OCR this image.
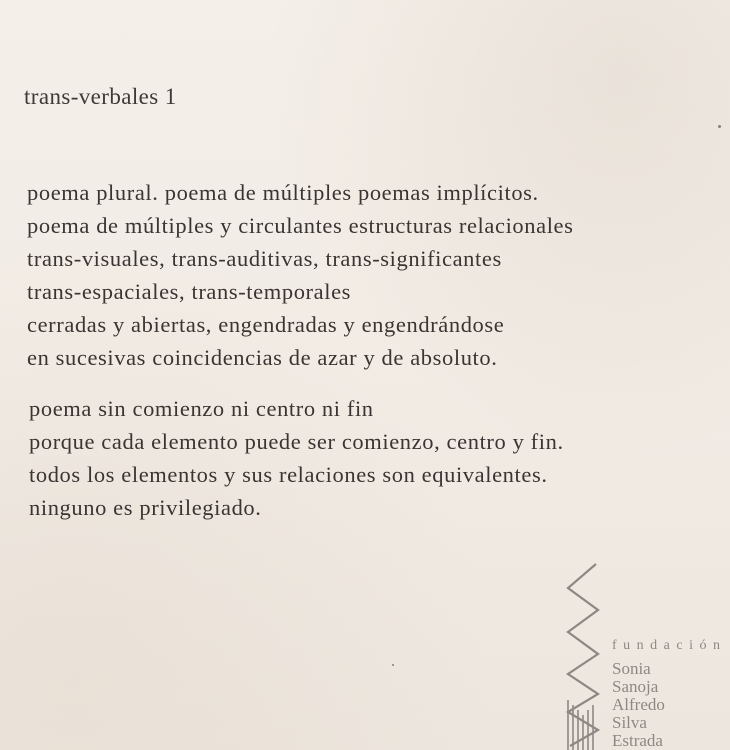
trans-verbales 1
poema plural. poema de múltiples poemas implícitos.
poema de múltiples y circulantes estructuras relacionales
trans-visuales, trans-auditivas, trans-significantes
trans-espaciales, trans-temporales
cerradas y abiertas, engendradas y engendrándose
en sucesivas coincidencias de azar y de absoluto.
poema sin comienzo ni centro ni fin
porque cada elemento puede ser comienzo, centro y fin.
todos los elementos y sus relaciones son equivalentes.
ninguno es privilegiado.
fundación
Sonia
Sanoja
Alfredo
Silva
Estrada
